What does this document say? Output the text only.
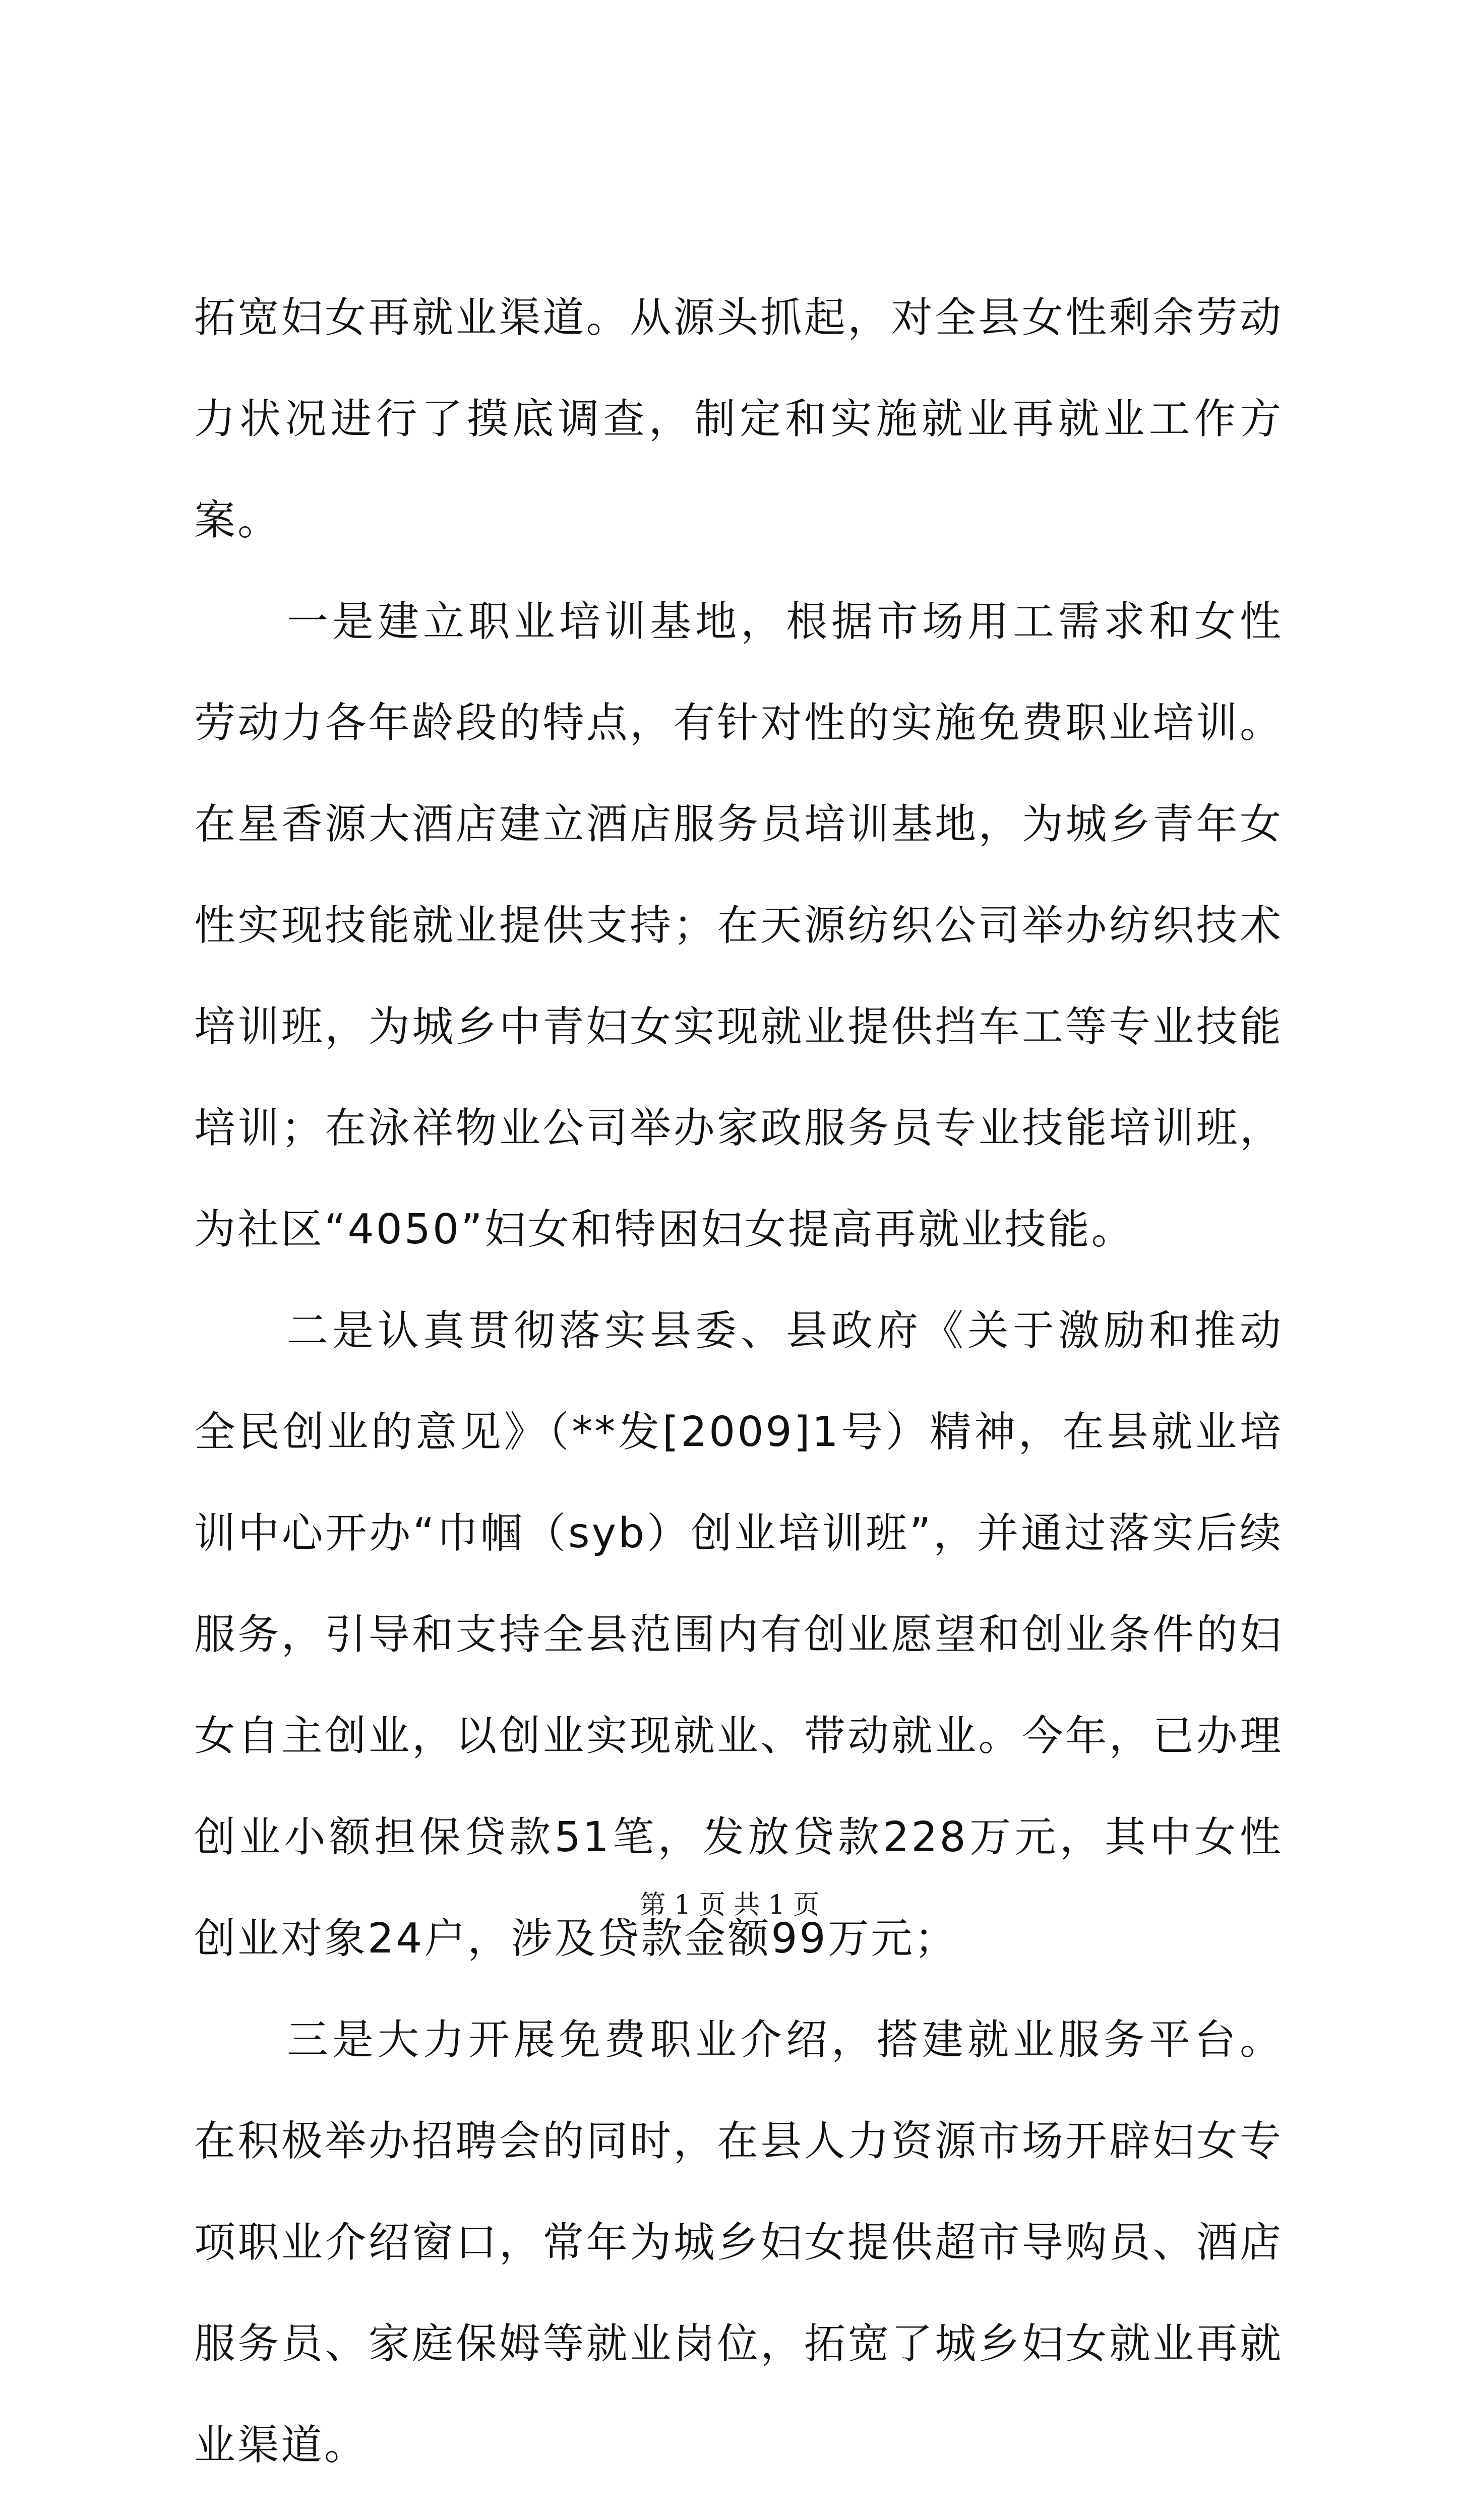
拓宽妇女再就业渠道。从源头抓起，对全县女性剩余劳动力状况进行了摸底调查，制定和实施就业再就业工作方案。

一是建立职业培训基地，根据市场用工需求和女性劳动力各年龄段的特点，有针对性的实施免费职业培训。在星香源大酒店建立酒店服务员培训基地，为城乡青年女性实现技能就业提供支持；在天源纺织公司举办纺织技术培训班，为城乡中青妇女实现就业提供挡车工等专业技能培训；在泳祥物业公司举办家政服务员专业技能培训班，为社区“4050”妇女和特困妇女提高再就业技能。

二是认真贯彻落实县委、县政府《关于激励和推动全民创业的意见》（**发[2009]1号）精神，在县就业培训中心开办“巾帼（syb）创业培训班”，并通过落实后续服务，引导和支持全县范围内有创业愿望和创业条件的妇女自主创业，以创业实现就业、带动就业。今年，已办理创业小额担保贷款51笔，发放贷款228万元，其中女性创业对象24户，涉及贷款金额99万元；

三是大力开展免费职业介绍，搭建就业服务平台。在积极举办招聘会的同时，在县人力资源市场开辟妇女专项职业介绍窗口，常年为城乡妇女提供超市导购员、酒店服务员、家庭保姆等就业岗位，拓宽了城乡妇女就业再就业渠道。

第 1 页 共 1 页
